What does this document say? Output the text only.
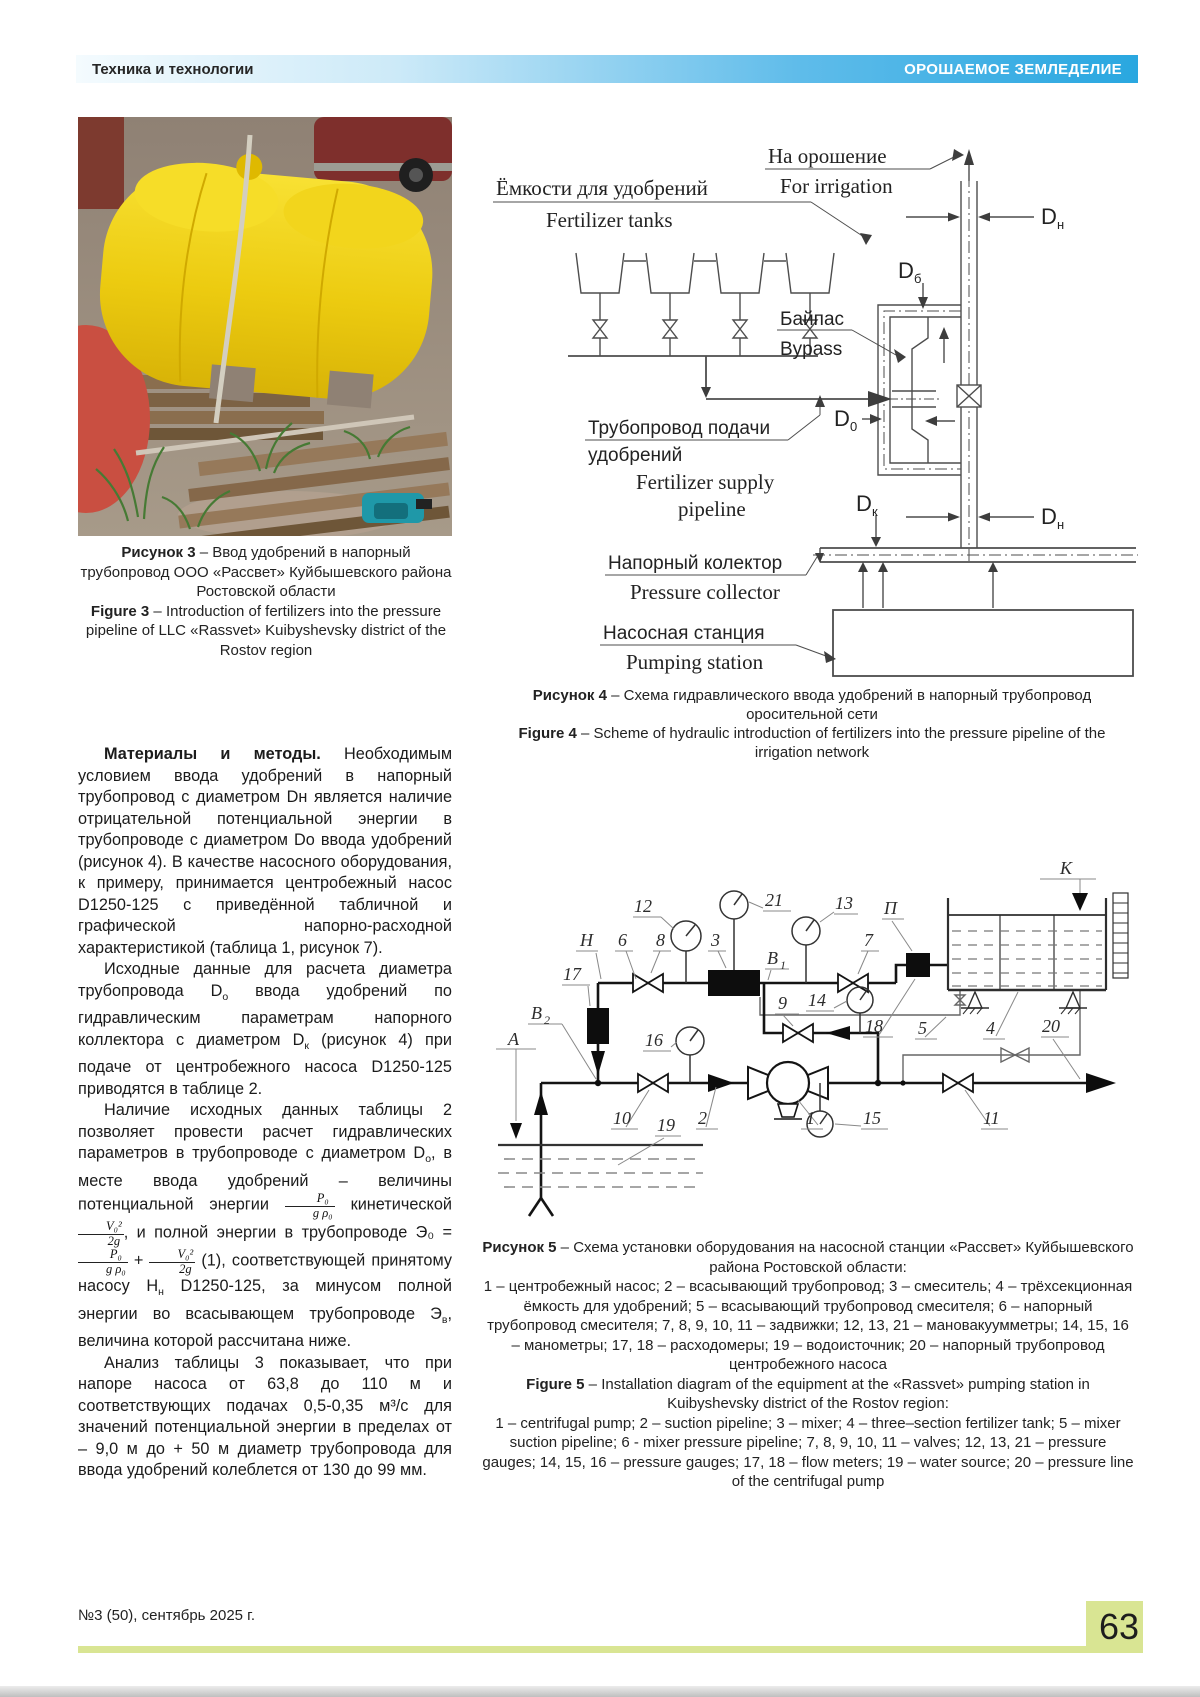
Техника и технологии	ОРОШАЕМОЕ ЗЕМЛЕДЕЛИЕ
Рисунок 3 – Ввод удобрений в напорный трубопровод ООО «Рассвет» Куйбышевского района Ростовской области
Figure 3 – Introduction of fertilizers into the pressure pipeline of LLC «Rassvet» Kuibyshevsky district of the Rostov region

Материалы и методы. Необходимым условием ввода удобрений в напорный трубопровод с диаметром Dн является наличие отрицательной потенциальной энергии в трубопроводе с диаметром Do ввода удобрений (рисунок 4). В качестве насосного оборудования, к примеру, принимается центробежный насос D1250-125 с приведённой табличной и графической напорно-расходной характеристикой (таблица 1, рисунок 7).

Исходные данные для расчета диаметра трубопровода $D_о$ ввода удобрений по гидравлическим параметрам напорного коллектора с диаметром $D_к$ (рисунок 4) при подаче от центробежного насоса D1250-125 приводятся в таблице 2.

Наличие исходных данных таблицы 2 позволяет провести расчет гидравлических параметров в трубопроводе с диаметром $D_о$, в месте ввода удобрений – величины потенциальной энергии $\frac{\text{P₀}}{\text{g ρ₀}}$ кинетической
$\frac{\text{V₀²}}{2g}$ , и полной энергии в трубопроводе Э₀ =
$\frac{\text{P₀}}{\text{g ρ₀}} + \frac{\text{V₀²}}{2g} (1)$, соответствующей принятому насосу $H_н$ D1250-125, за минусом полной энергии во всасывающем трубопроводе $Э_в$, величина которой рассчитана ниже.

Анализ таблицы 3 показывает, что при напоре насоса от 63,8 до 110 м и соответствующих подачах 0,5-0,35 м³/с для значений потенциальной энергии в пределах от – 9,0 м до + 50 м диаметр трубопровода для ввода удобрений колеблется от 130 до 99 мм.

Ёмкости для удобрений
Fertilizer tanks
На орошение
For irrigation
Байпас
Bypass
Трубопровод подачи
удобрений
Fertilizer supply
pipeline
Напорный колектор
Pressure collector
Насосная станция
Pumping station
D н
D н
D б
D 0
D к
Рисунок 4 – Схема гидравлического ввода удобрений в напорный трубопровод оросительной сети
Figure 4 – Scheme of hydraulic introduction of fertilizers into the pressure pipeline of the irrigation network
A
K
П
H
B 1
B 2
1
2
3
4
5
6	7
8
9
10	11
12	13
14
15
16
17
18
19
20
21
Рисунок 5 – Схема установки оборудования на насосной станции «Рассвет» Куйбышевского района Ростовской области:
1 – центробежный насос; 2 – всасывающий трубопровод; 3 – смеситель; 4 – трёхсекционная ёмкость для удобрений; 5 – всасывающий трубопровод смесителя; 6 – напорный трубопровод смесителя; 7, 8, 9, 10, 11 – задвижки; 12, 13, 21 – мановакуумметры; 14, 15, 16 – манометры; 17, 18 – расходомеры; 19 – водоисточник; 20 – напорный трубопровод центробежного насоса
Figure 5 – Installation diagram of the equipment at the «Rassvet» pumping station in Kuibyshevsky district of the Rostov region:
1 – centrifugal pump; 2 – suction pipeline; 3 – mixer; 4 – three–section fertilizer tank; 5 – mixer suction pipeline; 6 - mixer pressure pipeline; 7, 8, 9, 10, 11 – valves; 12, 13, 21 – pressure gauges; 14, 15, 16 – pressure gauges; 17, 18 – flow meters; 19 – water source; 20 – pressure line of the centrifugal pump
№3 (50), сентябрь 2025 г.	63
